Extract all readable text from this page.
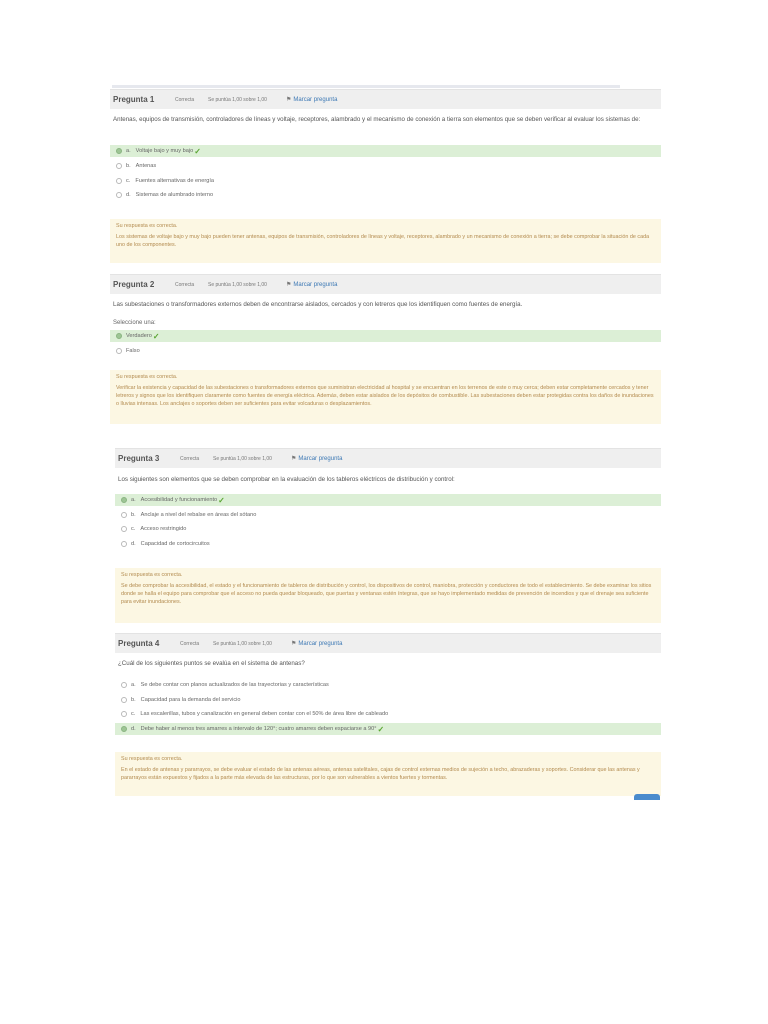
Pregunta 1	Correcta	Se puntúa 1,00 sobre 1,00	⚑ Marcar pregunta
Antenas, equipos de transmisión, controladores de líneas y voltaje, receptores, alambrado y el mecanismo de conexión a tierra son elementos que se deben verificar al evaluar los sistemas de:
a. Voltaje bajo y muy bajo ✓
b. Antenas
c. Fuentes alternativas de energía
d. Sistemas de alumbrado interno
Su respuesta es correcta.
Los sistemas de voltaje bajo y muy bajo pueden tener antenas, equipos de transmisión, controladores de líneas y voltaje, receptores, alambrado y un mecanismo de conexión a tierra; se debe comprobar la situación de cada uno de los componentes.
Pregunta 2	Correcta	Se puntúa 1,00 sobre 1,00	⚑ Marcar pregunta
Las subestaciones o transformadores externos deben de encontrarse aislados, cercados y con letreros que los identifiquen como fuentes de energía.
Seleccione una:
Verdadero ✓
Falso
Su respuesta es correcta.
Verificar la existencia y capacidad de las subestaciones o transformadores externos que suministran electricidad al hospital y se encuentran en los terrenos de este o muy cerca; deben estar completamente cercados y tener letreros y signos que los identifiquen claramente como fuentes de energía eléctrica. Además, deben estar aislados de los depósitos de combustible. Las subestaciones deben estar protegidas contra los daños de inundaciones o lluvias intensas. Los anclajes o soportes deben ser suficientes para evitar volcaduras o desplazamientos.
Pregunta 3	Correcta	Se puntúa 1,00 sobre 1,00	⚑ Marcar pregunta
Los siguientes son elementos que se deben comprobar en la evaluación de los tableros eléctricos de distribución y control:
a. Accesibilidad y funcionamiento ✓
b. Anclaje a nivel del rebalse en áreas del sótano
c. Acceso restringido
d. Capacidad de cortocircuitos
Su respuesta es correcta.
Se debe comprobar la accesibilidad, el estado y el funcionamiento de tableros de distribución y control, los dispositivos de control, maniobra, protección y conductores de todo el establecimiento. Se debe examinar los sitios donde se halla el equipo para comprobar que el acceso no pueda quedar bloqueado, que puertas y ventanas estén íntegras, que se hayo implementado medidas de prevención de incendios y que el drenaje sea suficiente para evitar inundaciones.
Pregunta 4	Correcta	Se puntúa 1,00 sobre 1,00	⚑ Marcar pregunta
¿Cuál de los siguientes puntos se evalúa en el sistema de antenas?
a. Se debe contar con planos actualizados de las trayectorias y características
b. Capacidad para la demanda del servicio
c. Las escalerillas, tubos y canalización en general deben contar con el 50% de área libre de cableado
d. Debe haber al menos tres amarres a intervalo de 120°; cuatro amarres deben espaciarse a 90° ✓
Su respuesta es correcta.
En el estado de antenas y pararrayos, se debe evaluar el estado de las antenas aéreas, antenas satelitales, cajas de control externas medios de sujeción a techo, abrazaderas y soportes. Considerar que las antenas y pararrayos están expuestos y fijados a la parte más elevada de las estructuras, por lo que son vulnerables a vientos fuertes y tormentas.
